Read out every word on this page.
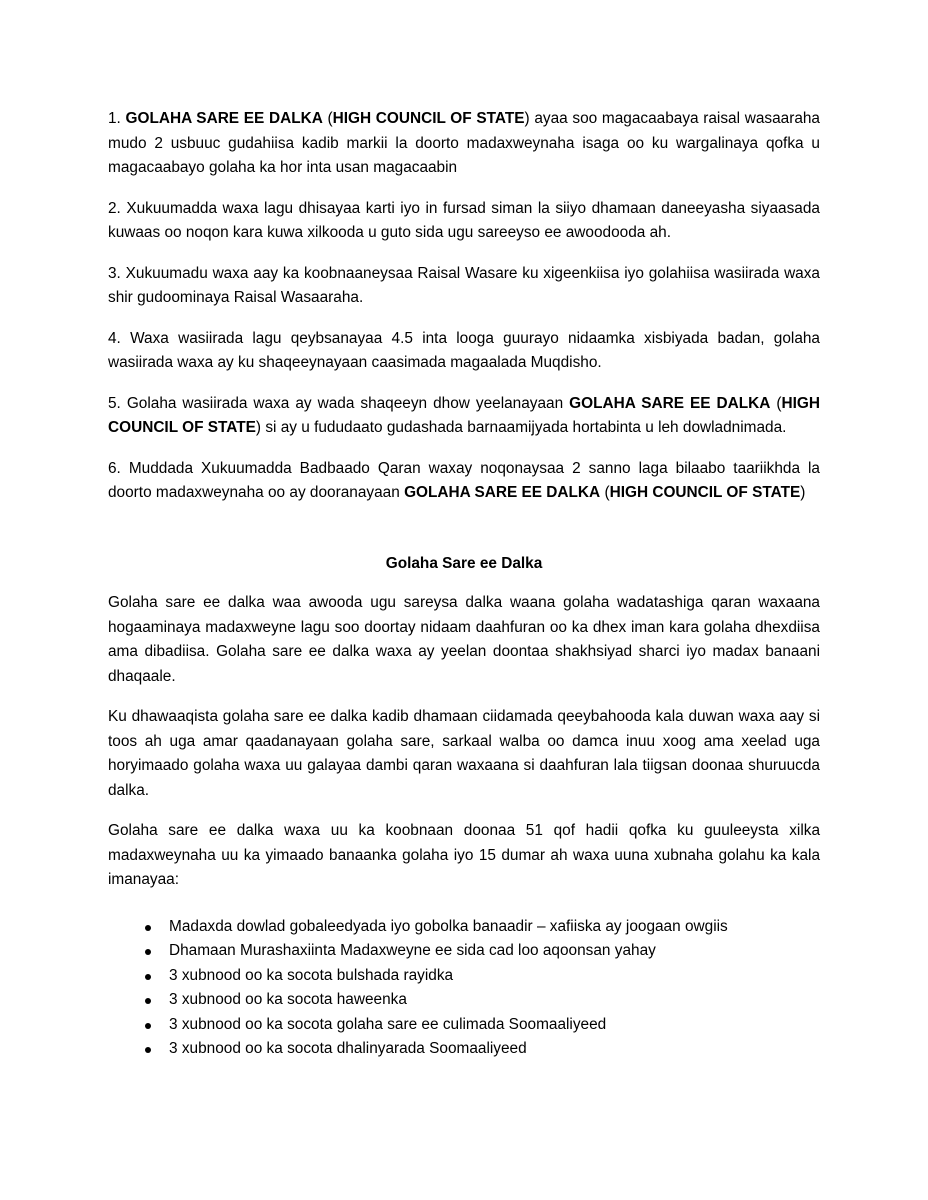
1. GOLAHA SARE EE DALKA (HIGH COUNCIL OF STATE) ayaa soo magacaabaya raisal wasaaraha mudo 2 usbuuc gudahiisa kadib markii la doorto madaxweynaha isaga oo ku wargalinaya qofka u magacaabayo golaha ka hor inta usan magacaabin

2. Xukuumadda waxa lagu dhisayaa karti iyo in fursad siman la siiyo dhamaan daneeyasha siyaasada kuwaas oo noqon kara kuwa xilkooda u guto sida ugu sareeyso ee awoodooda ah.

3. Xukuumadu waxa aay ka koobnaaneysaa Raisal Wasare ku xigeenkiisa iyo golahiisa wasiirada waxa shir gudoominaya Raisal Wasaaraha.

4. Waxa wasiirada lagu qeybsanayaa 4.5 inta looga guurayo nidaamka xisbiyada badan, golaha wasiirada waxa ay ku shaqeeynayaan caasimada magaalada Muqdisho.

5. Golaha wasiirada waxa ay wada shaqeeyn dhow yeelanayaan GOLAHA SARE EE DALKA (HIGH COUNCIL OF STATE) si ay u fududaato gudashada barnaamijyada hortabinta u leh dowladnimada.

6. Muddada Xukuumadda Badbaado Qaran waxay noqonaysaa 2 sanno laga bilaabo taariikhda la doorto madaxweynaha oo ay dooranayaan GOLAHA SARE EE DALKA (HIGH COUNCIL OF STATE)

Golaha Sare ee Dalka

Golaha sare ee dalka waa awooda ugu sareysa dalka waana golaha wadatashiga qaran waxaana hogaaminaya madaxweyne lagu soo doortay nidaam daahfuran oo ka dhex iman kara golaha dhexdiisa ama dibadiisa. Golaha sare ee dalka waxa ay yeelan doontaa shakhsiyad sharci iyo madax banaani dhaqaale.

Ku dhawaaqista golaha sare ee dalka kadib dhamaan ciidamada qeeybahooda kala duwan waxa aay si toos ah uga amar qaadanayaan golaha sare, sarkaal walba oo damca inuu xoog ama xeelad uga horyimaado golaha waxa uu galayaa dambi qaran waxaana si daahfuran lala tiigsan doonaa shuruucda dalka.

Golaha sare ee dalka waxa uu ka koobnaan doonaa 51 qof hadii qofka ku guuleeysta xilka madaxweynaha uu ka yimaado banaanka golaha iyo 15 dumar ah waxa uuna xubnaha golahu ka kala imanayaa:

Madaxda dowlad gobaleedyada iyo gobolka banaadir – xafiiska ay joogaan owgiis
Dhamaan Murashaxiinta Madaxweyne ee sida cad loo aqoonsan yahay
3 xubnood oo ka socota bulshada rayidka
3 xubnood oo ka socota haweenka
3 xubnood oo ka socota golaha sare ee culimada Soomaaliyeed
3 xubnood oo ka socota dhalinyarada Soomaaliyeed
